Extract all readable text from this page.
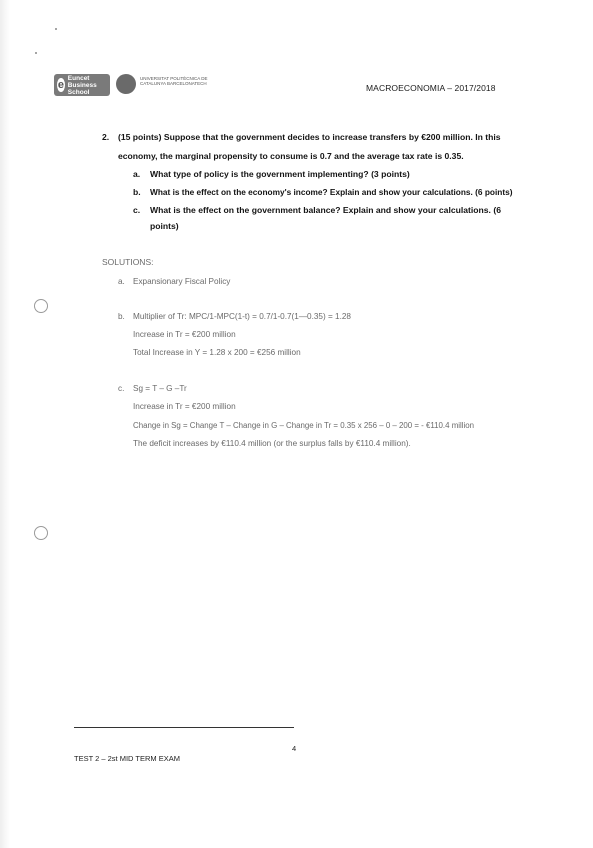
e
Euncet Business School
UNIVERSITAT POLITÈCNICA DE CATALUNYA BARCELONATECH	MACROECONOMIA – 2017/2018
2. (15 points) Suppose that the government decides to increase transfers by €200 million. In this
economy, the marginal propensity to consume is 0.7 and the average tax rate is 0.35.
a. What type of policy is the government implementing? (3 points)
b. What is the effect on the economy's income? Explain and show your calculations. (6 points)
c. What is the effect on the government balance? Explain and show your calculations. (6
points)
SOLUTIONS:
a. Expansionary Fiscal Policy
b. Multiplier of Tr: MPC/1-MPC(1-t) = 0.7/1-0.7(1—0.35) = 1.28
Increase in Tr = €200 million
Total Increase in Y = 1.28 x 200 = €256 million
c. Sg = T – G –Tr
Increase in Tr = €200 million
Change in Sg = Change T – Change in G – Change in Tr = 0.35 x 256 – 0 – 200 = - €110.4 million
The deficit increases by €110.4 million (or the surplus falls by €110.4 million).
4
TEST 2 – 2st MID TERM EXAM
